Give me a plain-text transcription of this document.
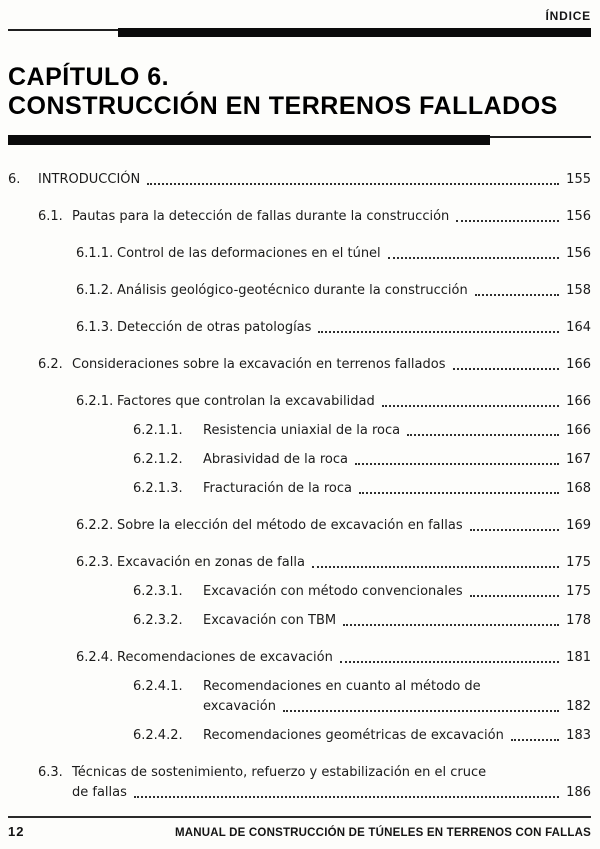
ÍNDICE
CAPÍTULO 6.
CONSTRUCCIÓN EN TERRENOS FALLADOS
6.	INTRODUCCIÓN	155
6.1. Pautas para la detección de fallas durante la construcción	156
6.1.1. Control de las deformaciones en el túnel	156
6.1.2. Análisis geológico-geotécnico durante la construcción	158
6.1.3. Detección de otras patologías	164
6.2. Consideraciones sobre la excavación en terrenos fallados	166
6.2.1. Factores que controlan la excavabilidad	166
6.2.1.1.	Resistencia uniaxial de la roca	166
6.2.1.2.	Abrasividad de la roca	167
6.2.1.3.	Fracturación de la roca	168
6.2.2. Sobre la elección del método de excavación en fallas	169
6.2.3. Excavación en zonas de falla	175
6.2.3.1.	Excavación con método convencionales	175
6.2.3.2.	Excavación con TBM	178
6.2.4. Recomendaciones de excavación	181
6.2.4.1.	Recomendaciones en cuanto al método de
excavación	182
6.2.4.2.	Recomendaciones geométricas de excavación	183
6.3. Técnicas de sostenimiento, refuerzo y estabilización en el cruce
de fallas	186
12	MANUAL DE CONSTRUCCIÓN DE TÚNELES EN TERRENOS CON FALLAS
